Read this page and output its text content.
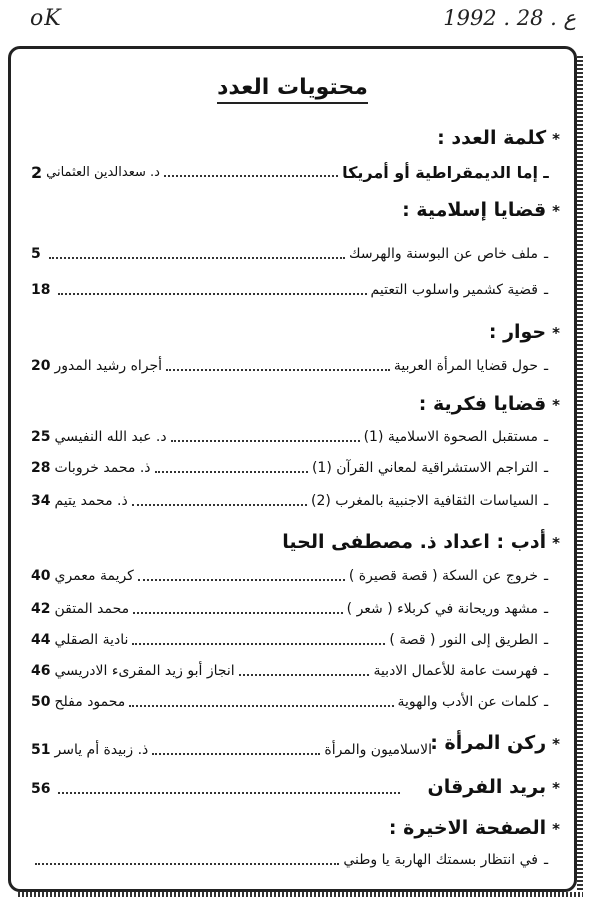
oK	ع . 28 . 1992
محتويات العدد
*كلمة العدد :
ـ
إما الديمقراطية أو أمريكا
د. سعدالدين العثماني
2
*قضايا إسلامية :
ـ
ملف خاص عن البوسنة والهرسك
5
ـ
قضية كشمير واسلوب التعتيم
18
*حوار :
ـ
حول قضايا المرأة العربية
أجراه رشيد المدور
20
*قضايا فكرية :
ـ
مستقبل الصحوة الاسلامية (1)
د. عبد الله النفيسي
25
ـ
التراجم الاستشراقية لمعاني القرآن (1)
ذ. محمد خروبات
28
ـ
السياسات الثقافية الاجنبية بالمغرب (2)
ذ. محمد يتيم
34
*أدب : اعداد ذ. مصطفى الحيا
ـ
خروج عن السكة ( قصة قصيرة )
كريمة معمري
40
ـ
مشهد وريحانة في كربلاء ( شعر )
محمد المتقن
42
ـ
الطريق إلى النور ( قصة )
نادية الصقلي
44
ـ
فهرست عامة للأعمال الادبية
انجاز أبو زيد المقرىء الادريسي
46
ـ
كلمات عن الأدب والهوية
محمود مفلح
50
*ركن المرأة :
الاسلاميون والمرأة
ذ. زبيدة أم ياسر
51
*بريد الفرقان
56
*الصفحة الاخيرة :
ـ
في انتظار بسمتك الهاربة يا وطني
